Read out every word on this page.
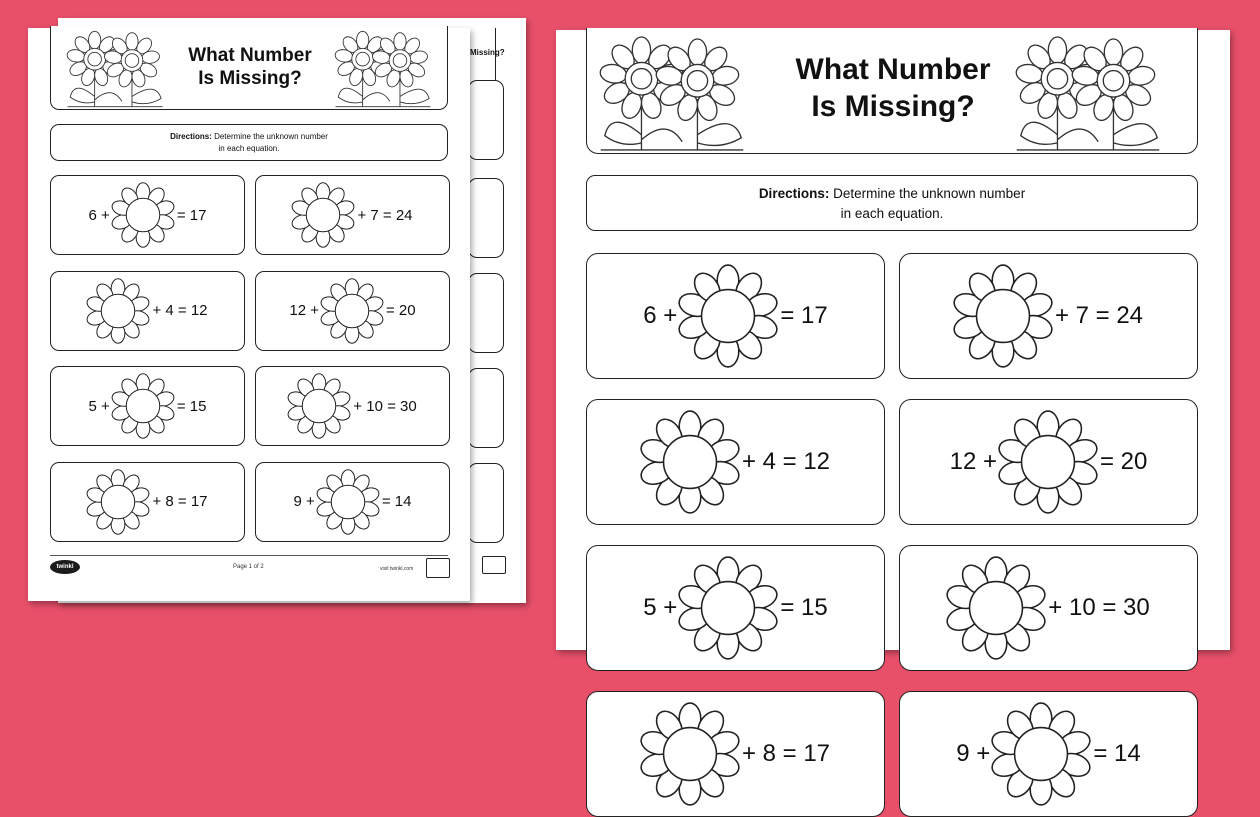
Missing?
What Number
Is Missing?
Directions: Determine the unknown number
in each equation.
6 +	= 17	+ 7 = 24
+ 4 = 12	12 +	= 20
5 +	= 15	+ 10 = 30
+ 8 = 17	9 +	= 14
twinkl	Page 1 of 2	visit twinkl.com
What Number
Is Missing?
Directions: Determine the unknown number
in each equation.
6 +	= 17	+ 7 = 24
+ 4 = 12	12 +	= 20
5 +	= 15	+ 10 = 30
+ 8 = 17	9 +	= 14
